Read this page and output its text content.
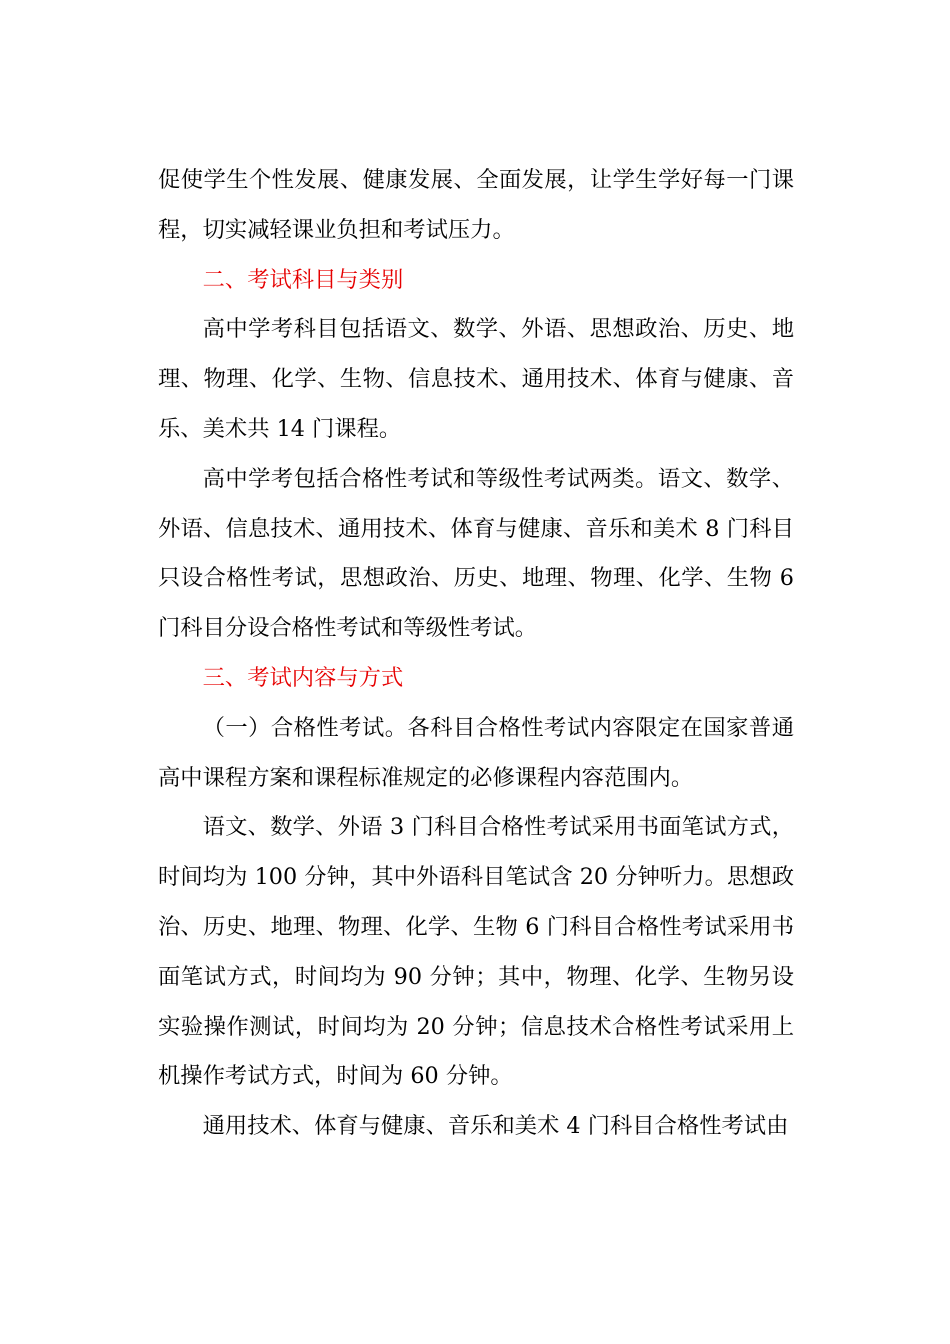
促使学生个性发展、健康发展、全面发展，让学生学好每一门课程，切实减轻课业负担和考试压力。

二、考试科目与类别

高中学考科目包括语文、数学、外语、思想政治、历史、地理、物理、化学、生物、信息技术、通用技术、体育与健康、音乐、美术共 14 门课程。

高中学考包括合格性考试和等级性考试两类。语文、数学、外语、信息技术、通用技术、体育与健康、音乐和美术 8 门科目只设合格性考试，思想政治、历史、地理、物理、化学、生物 6 门科目分设合格性考试和等级性考试。

三、考试内容与方式

（一）合格性考试。各科目合格性考试内容限定在国家普通高中课程方案和课程标准规定的必修课程内容范围内。

语文、数学、外语 3 门科目合格性考试采用书面笔试方式，时间均为 100 分钟，其中外语科目笔试含 20 分钟听力。思想政治、历史、地理、物理、化学、生物 6 门科目合格性考试采用书面笔试方式，时间均为 90 分钟；其中，物理、化学、生物另设实验操作测试，时间均为 20 分钟；信息技术合格性考试采用上机操作考试方式，时间为 60 分钟。

通用技术、体育与健康、音乐和美术 4 门科目合格性考试由
